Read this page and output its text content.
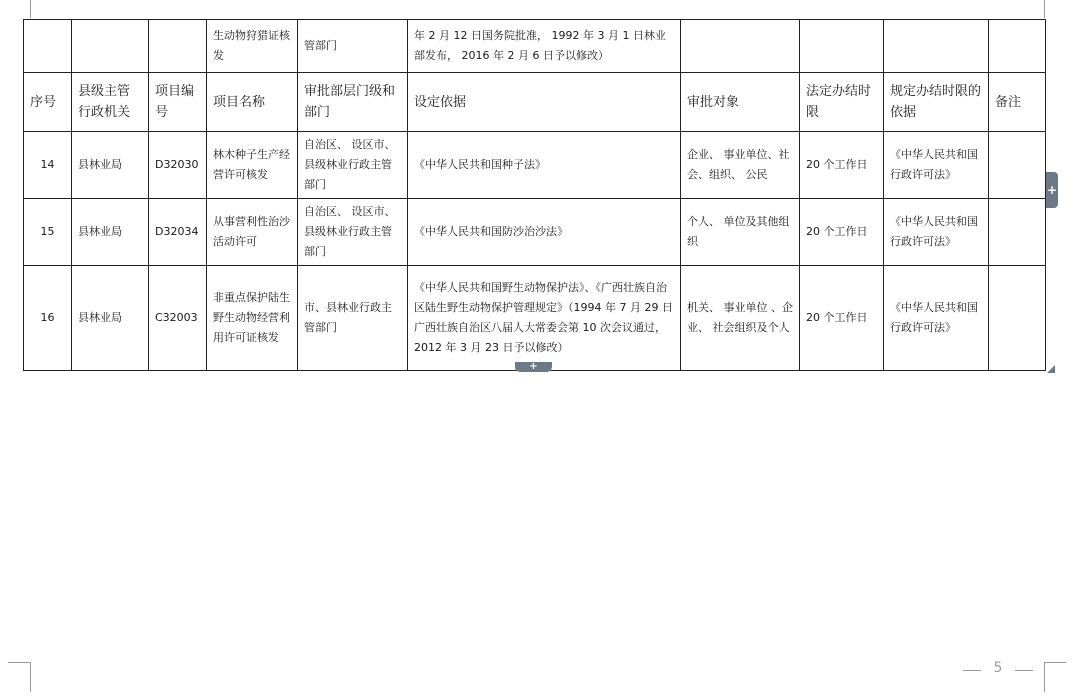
			生动物狩猎证核发	管部门	年 2 月 12 日国务院批准， 1992 年 3 月 1 日林业部发布， 2016 年 2 月 6 日予以修改）				
序号	县级主管行政机关	项目编号	项目名称	审批部层门级和部门	设定依据	审批对象	法定办结时限	规定办结时限的依据	备注
14	县林业局	D32030	林木种子生产经营许可核发	自治区、 设区市、县级林业行政主管部门	《中华人民共和国种子法》	企业、 事业单位、社会、组织、 公民	20 个工作日	《中华人民共和国行政许可法》	
15	县林业局	D32034	从事营利性治沙活动许可	自治区、 设区市、县级林业行政主管部门	《中华人民共和国防沙治沙法》	个人、 单位及其他组织	20 个工作日	《中华人民共和国行政许可法》	
16	县林业局	C32003	非重点保护陆生野生动物经营利用许可证核发	市、县林业行政主管部门	《中华人民共和国野生动物保护法》、《广西壮族自治区陆生野生动物保护管理规定》（1994 年 7 月 29 日广西壮族自治区八届人大常委会第 10 次会议通过， 2012 年 3 月 23 日予以修改）	机关、 事业单位 、企业、 社会组织及个人	20 个工作日	《中华人民共和国行政许可法》	
+
+
5
